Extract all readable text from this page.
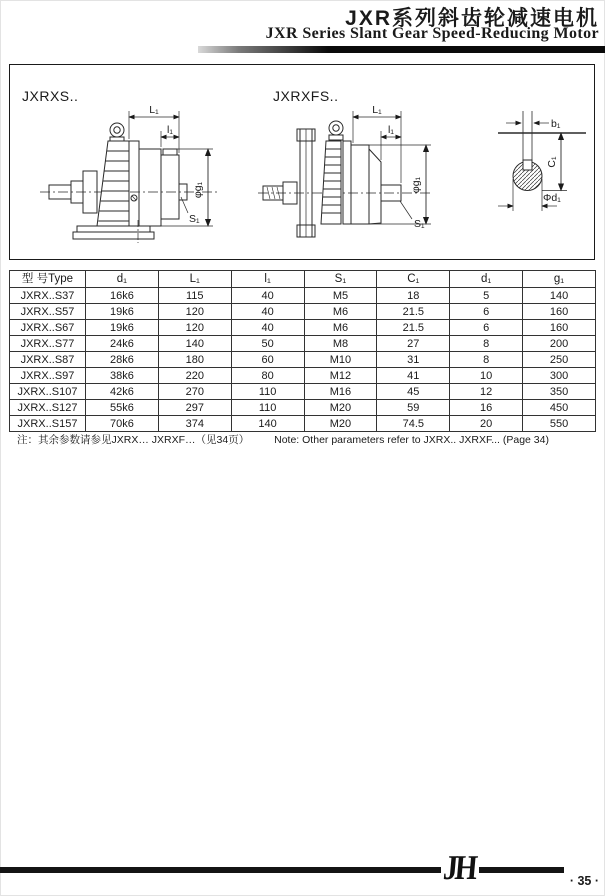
JXR系列斜齿轮减速电机
JXR Series Slant Gear Speed-Reducing Motor
JXRXS..	JXRXFS..
L₁
l₁
φg₁
S₁
L₁
l₁
φg₁
S₁
b₁
C₁
Φd₁
型 号Type	d₁	L₁	l₁	S₁	C₁	d₁	g₁
JXRX..S37	16k6	115	40	M5	18	5	140
JXRX..S57	19k6	120	40	M6	21.5	6	160
JXRX..S67	19k6	120	40	M6	21.5	6	160
JXRX..S77	24k6	140	50	M8	27	8	200
JXRX..S87	28k6	180	60	M10	31	8	250
JXRX..S97	38k6	220	80	M12	41	10	300
JXRX..S107	42k6	270	110	M16	45	12	350
JXRX..S127	55k6	297	110	M20	59	16	450
JXRX..S157	70k6	374	140	M20	74.5	20	550
注：其余参数请参见JXRX… JXRXF…（见34页） Note: Other parameters refer to JXRX.. JXRXF... (Page 34)
JH	· 35 ·
